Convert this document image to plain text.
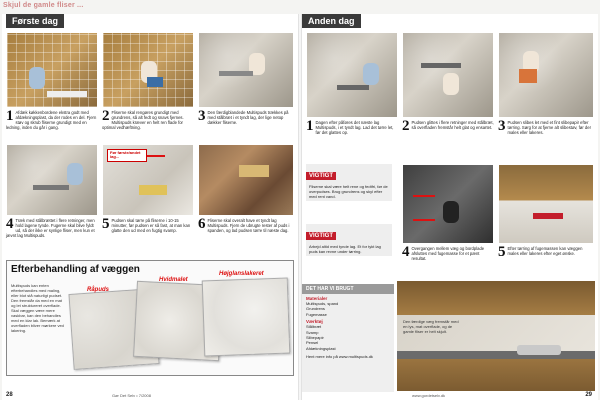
Skjul de gamle fliser ...
Første dag
1 Afdæk køkkenbordene ekstra godt med afdækningsplast, da der rodes en del. Fjern støv og skrub fliserne grundigt med en ledning, inden du går i gang.
2 Fliserne skal rengøres grundigt med grundrens, så alt fedt og snavs fjernes. Multispuds kræver en helt ren flade for optimal vedhæftning.
3 Den færdigblandede Multispuds trækkes på med stålbræt i et tyndt lag, der lige netop dækker fliserne.
Før første/andet lag...
4 Træk med stålbrættet i flere retninger, men hold lagene tynde. Fugerne skal blive fyldt ud, så der ikke er synlige fliser, men kun et jævnt lag Multispuds.
5 Pudsen skal tørre på fliserne i 10-15 minutter, før pudsen er så fast, at man kan glatte den ud med en fugtig svamp.	6 Fliserne skal overalt have et tyndt lag Multispuds. Fjern de ubrugte rester af puds i spanden, og lad pudsen tørre til næste dag.
Efterbehandling af væggen
Multispuds kan enten efterbehandles med maling, eller blot stå naturligt pudset. Den fremstår da med en mat og let struktureret overflade. Skal væggen være mere vaskbar, kan den behandles med en klar lak. Bemærk at overfladen bliver mørkere ved lakering.
Råpuds
Hvidmalet
Højglanslakeret
Gør Det Selv • 7/2008
28
Anden dag
1 Dagen efter påføres det næste lag Multispuds, i et tyndt lag. Lad det tørre let, før det glattes op.	2 Pudsen glittes i flere retninger med stålbræt, så overfladen fremstår helt glat og ensartet. 3 Pudsen slibes let med et fint slibepapir efter tørring. Sørg for at fjerne alt slibestøv, før der males eller lakeres.
VIGTIGT
Fliserne skal være helt rene og fedtfri, før de overpudses. Brug grundrens og skyl efter med rent vand.
VIGTIGT
Arbejd altid med tynde lag. Et for tykt lag puds kan revne under tørring.	4 Overgangen mellem væg og bordplade afsluttes med fugemasse for et pænt resultat.	5 Efter tørring af fugemassen kan væggen males eller lakeres efter eget ønske.
DET HAR VI BRUGT
Materialer
Multispuds, spand
Grundrens
Fugemasse
Værktøj
Stålbræt
Svamp
Slibepapir
Pensel
Afdækningsplast
Hent mere info på www.multispuds.dk
Den færdige væg fremstår med en lys, mat overflade, og de gamle fliser er helt skjult.
www.gordetselv.dk	29
